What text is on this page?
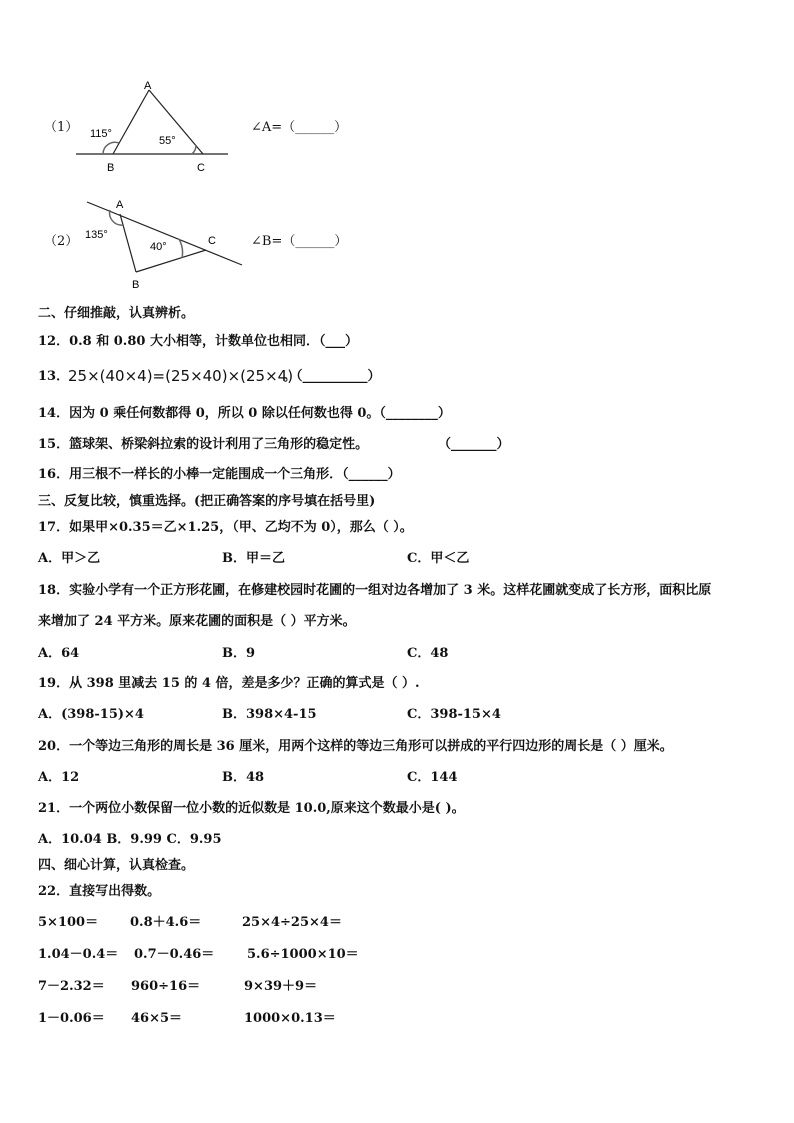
（1）
A
B	C
115°
55°
∠A=（______）
（2）
A
B
C
135°
40°	∠B=（______）
二、仔细推敲，认真辨析。
12．0.8 和 0.80 大小相等，计数单位也相同．（___）
13．
25×(40×4)=(25×40)×(25×4)
。（__________）
14．因为 0 乘任何数都得 0，所以 0 除以任何数也得 0。（________）
15．篮球架、桥梁斜拉索的设计利用了三角形的稳定性。	（_______）
16．用三根不一样长的小棒一定能围成一个三角形．（______）
三、反复比较，慎重选择。(把正确答案的序号填在括号里)
17．如果甲×0.35＝乙×1.25，（甲、乙均不为 0），那么（ ）。
A．甲＞乙	B．甲＝乙	C．甲＜乙
18．实验小学有一个正方形花圃，在修建校园时花圃的一组对边各增加了 3 米。这样花圃就变成了长方形，面积比原
来增加了 24 平方米。原来花圃的面积是（ ）平方米。
A．64	B．9	C．48
19．从 398 里减去 15 的 4 倍，差是多少？正确的算式是（ ）.
A．(398-15)×4	B．398×4-15	C．398-15×4
20．一个等边三角形的周长是 36 厘米，用两个这样的等边三角形可以拼成的平行四边形的周长是（ ）厘米。
A．12	B．48	C．144
21．一个两位小数保留一位小数的近似数是 10.0,原来这个数最小是( )。
A．10.04 B．9.99 C．9.95
四、细心计算，认真检查。
22．直接写出得数。
5×100＝ 0.8＋4.6＝	25×4÷25×4＝
1.04－0.4＝ 0.7－0.46＝	5.6÷1000×10＝
7－2.32＝ 960÷16＝	9×39＋9＝
1－0.06＝ 46×5＝	1000×0.13＝
